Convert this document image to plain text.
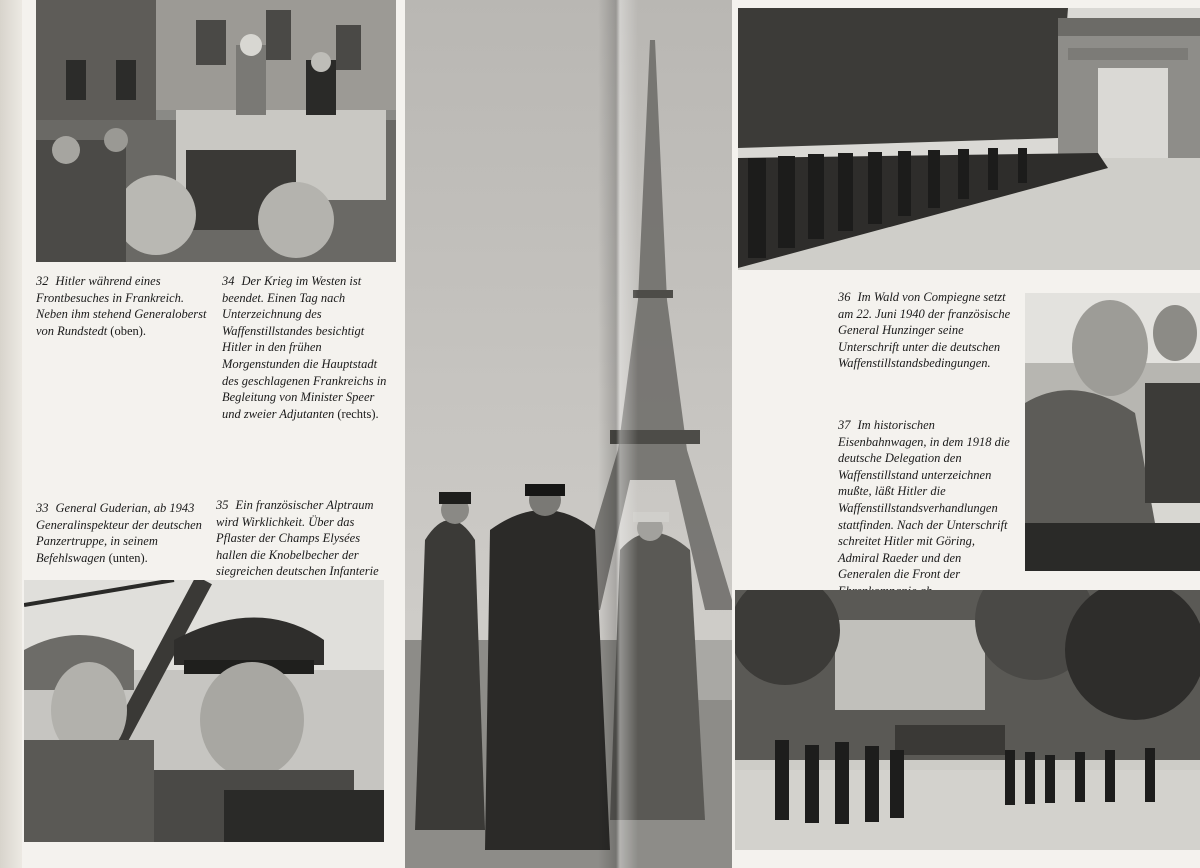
32 Hitler während eines Frontbesuches in Frankreich. Neben ihm stehend Generaloberst von Rundstedt (oben).

34 Der Krieg im Westen ist beendet. Einen Tag nach Unterzeichnung des Waffenstillstandes besichtigt Hitler in den frühen Morgenstunden die Hauptstadt des geschlagenen Frankreichs in Begleitung von Minister Speer und zweier Adjutanten (rechts).

33 General Guderian, ab 1943 Generalinspekteur der deutschen Panzertruppe, in seinem Befehlswagen (unten).

35 Ein französischer Alptraum wird Wirklichkeit. Über das Pflaster der Champs Elysées hallen die Knobelbecher der siegreichen deutschen Infanterie

36 Im Wald von Compiegne setzt am 22. Juni 1940 der französische General Hunzinger seine Unterschrift unter die deutschen Waffenstillstandsbedingungen.

37 Im historischen Eisenbahnwagen, in dem 1918 die deutsche Delegation den Waffenstillstand unterzeichnen mußte, läßt Hitler die Waffenstillstandsverhandlungen stattfinden. Nach der Unterschrift schreitet Hitler mit Göring, Admiral Raeder und den Generalen die Front der
